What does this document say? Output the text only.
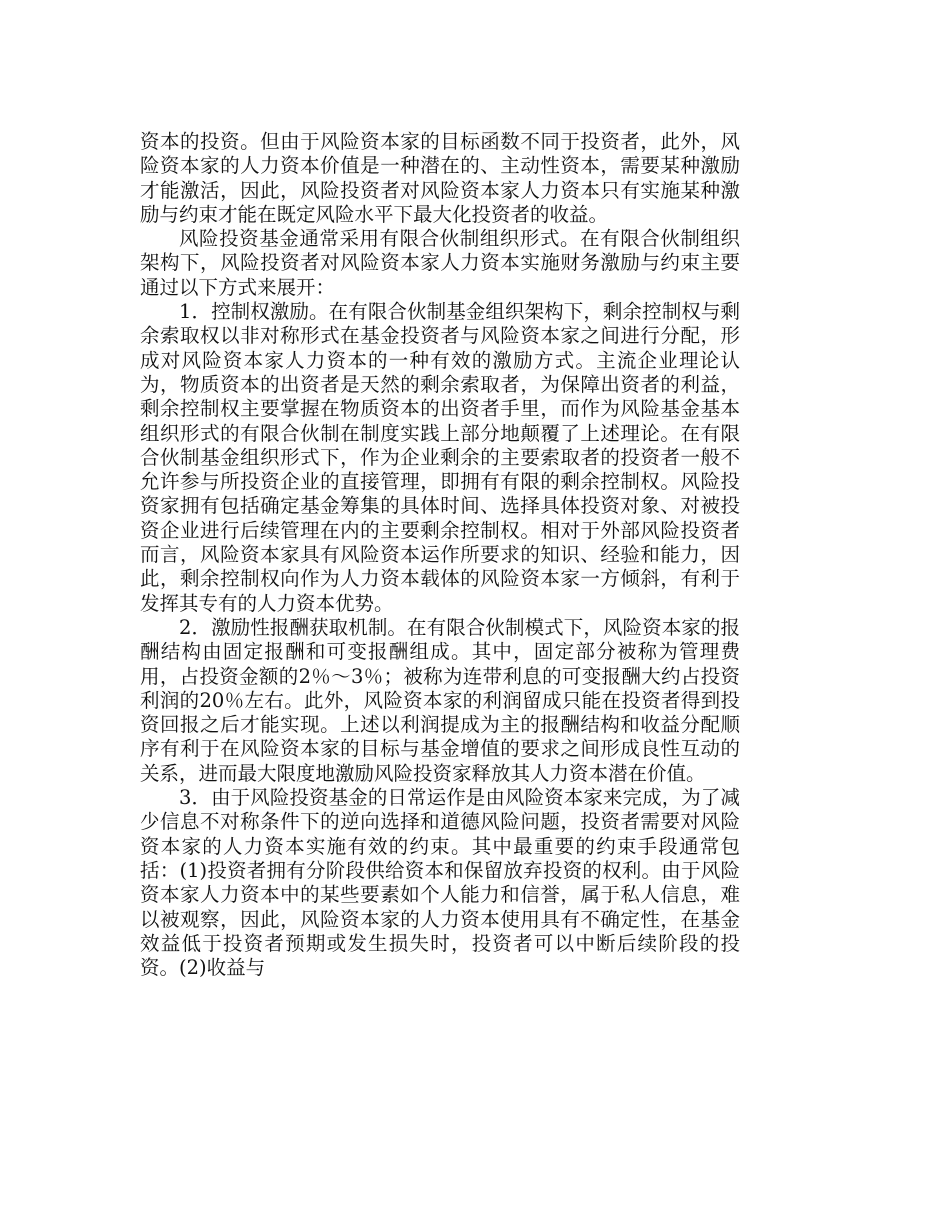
资本的投资。但由于风险资本家的目标函数不同于投资者，此外，风险资本家的人力资本价值是一种潜在的、主动性资本，需要某种激励才能激活，因此，风险投资者对风险资本家人力资本只有实施某种激励与约束才能在既定风险水平下最大化投资者的收益。

风险投资基金通常采用有限合伙制组织形式。在有限合伙制组织架构下，风险投资者对风险资本家人力资本实施财务激励与约束主要通过以下方式来展开：

1．控制权激励。在有限合伙制基金组织架构下，剩余控制权与剩余索取权以非对称形式在基金投资者与风险资本家之间进行分配，形成对风险资本家人力资本的一种有效的激励方式。主流企业理论认为，物质资本的出资者是天然的剩余索取者，为保障出资者的利益，剩余控制权主要掌握在物质资本的出资者手里，而作为风险基金基本组织形式的有限合伙制在制度实践上部分地颠覆了上述理论。在有限合伙制基金组织形式下，作为企业剩余的主要索取者的投资者一般不允许参与所投资企业的直接管理，即拥有有限的剩余控制权。风险投资家拥有包括确定基金筹集的具体时间、选择具体投资对象、对被投资企业进行后续管理在内的主要剩余控制权。相对于外部风险投资者而言，风险资本家具有风险资本运作所要求的知识、经验和能力，因此，剩余控制权向作为人力资本载体的风险资本家一方倾斜，有利于发挥其专有的人力资本优势。

2．激励性报酬获取机制。在有限合伙制模式下，风险资本家的报酬结构由固定报酬和可变报酬组成。其中，固定部分被称为管理费用，占投资金额的2％～3％；被称为连带利息的可变报酬大约占投资利润的20％左右。此外，风险资本家的利润留成只能在投资者得到投资回报之后才能实现。上述以利润提成为主的报酬结构和收益分配顺序有利于在风险资本家的目标与基金增值的要求之间形成良性互动的关系，进而最大限度地激励风险投资家释放其人力资本潜在价值。

3．由于风险投资基金的日常运作是由风险资本家来完成，为了减少信息不对称条件下的逆向选择和道德风险问题，投资者需要对风险资本家的人力资本实施有效的约束。其中最重要的约束手段通常包括：(1)投资者拥有分阶段供给资本和保留放弃投资的权利。由于风险资本家人力资本中的某些要素如个人能力和信誉，属于私人信息，难以被观察，因此，风险资本家的人力资本使用具有不确定性，在基金效益低于投资者预期或发生损失时，投资者可以中断后续阶段的投资。(2)收益与
